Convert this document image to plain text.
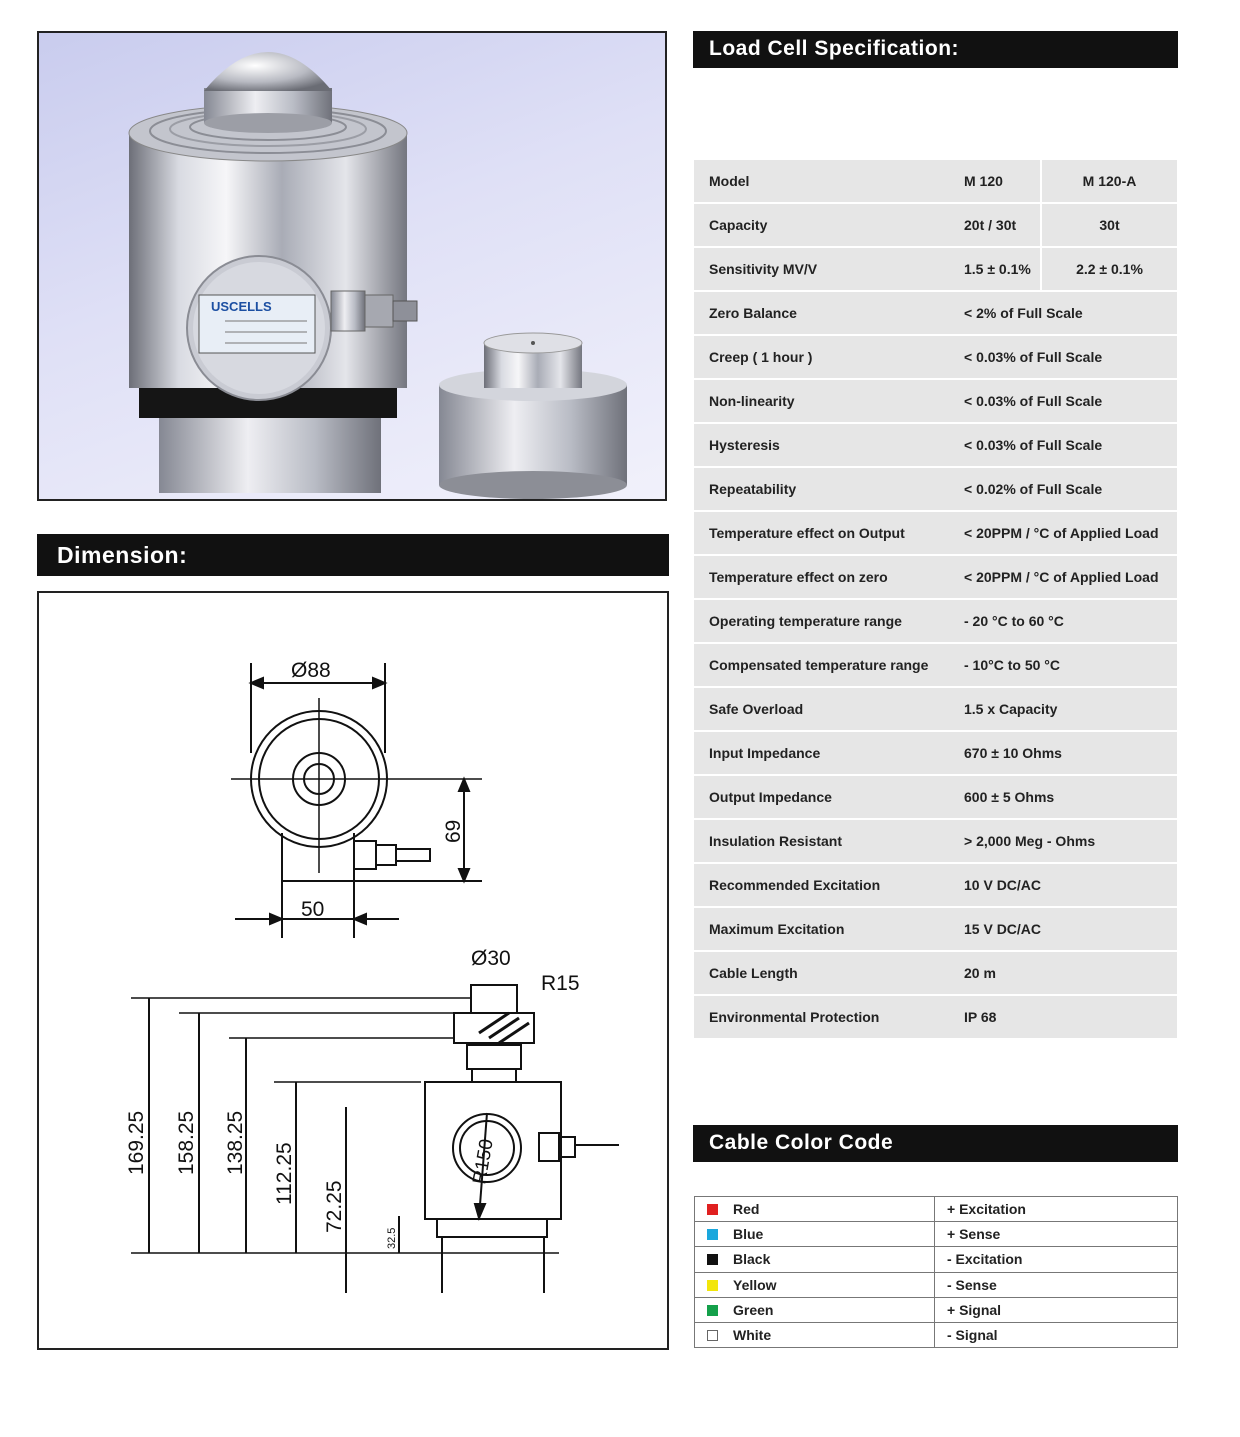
USCELLS
Load Cell Specification:
Model	M 120	M 120-A
Capacity	20t / 30t	30t
Sensitivity MV/V	1.5 ± 0.1%	2.2 ± 0.1%
Zero Balance	< 2% of Full Scale	
Creep ( 1 hour )	< 0.03% of Full Scale	
Non-linearity	< 0.03% of Full Scale	
Hysteresis	< 0.03% of Full Scale	
Repeatability	< 0.02% of Full Scale	
Temperature effect on Output	< 20PPM / °C of Applied Load	
Temperature effect on zero	< 20PPM / °C of Applied Load	
Operating temperature range	- 20 °C to 60 °C	
Compensated temperature range	- 10°C to 50 °C	
Safe Overload	1.5 x Capacity	
Input Impedance	670 ± 10 Ohms	
Output Impedance	600 ± 5 Ohms	
Insulation Resistant	> 2,000 Meg - Ohms	
Recommended Excitation	10 V DC/AC	
Maximum Excitation	15 V DC/AC	
Cable Length	20 m	
Environmental Protection	IP 68	
Dimension:
Ø88
50
69
Ø30
R15
169.25 158.25 138.25 112.25
72.25
32.5
R150	Cable Color Code
Red	+ Excitation
Blue	+ Sense
Black	- Excitation
Yellow	- Sense
Green	+ Signal
White	- Signal
